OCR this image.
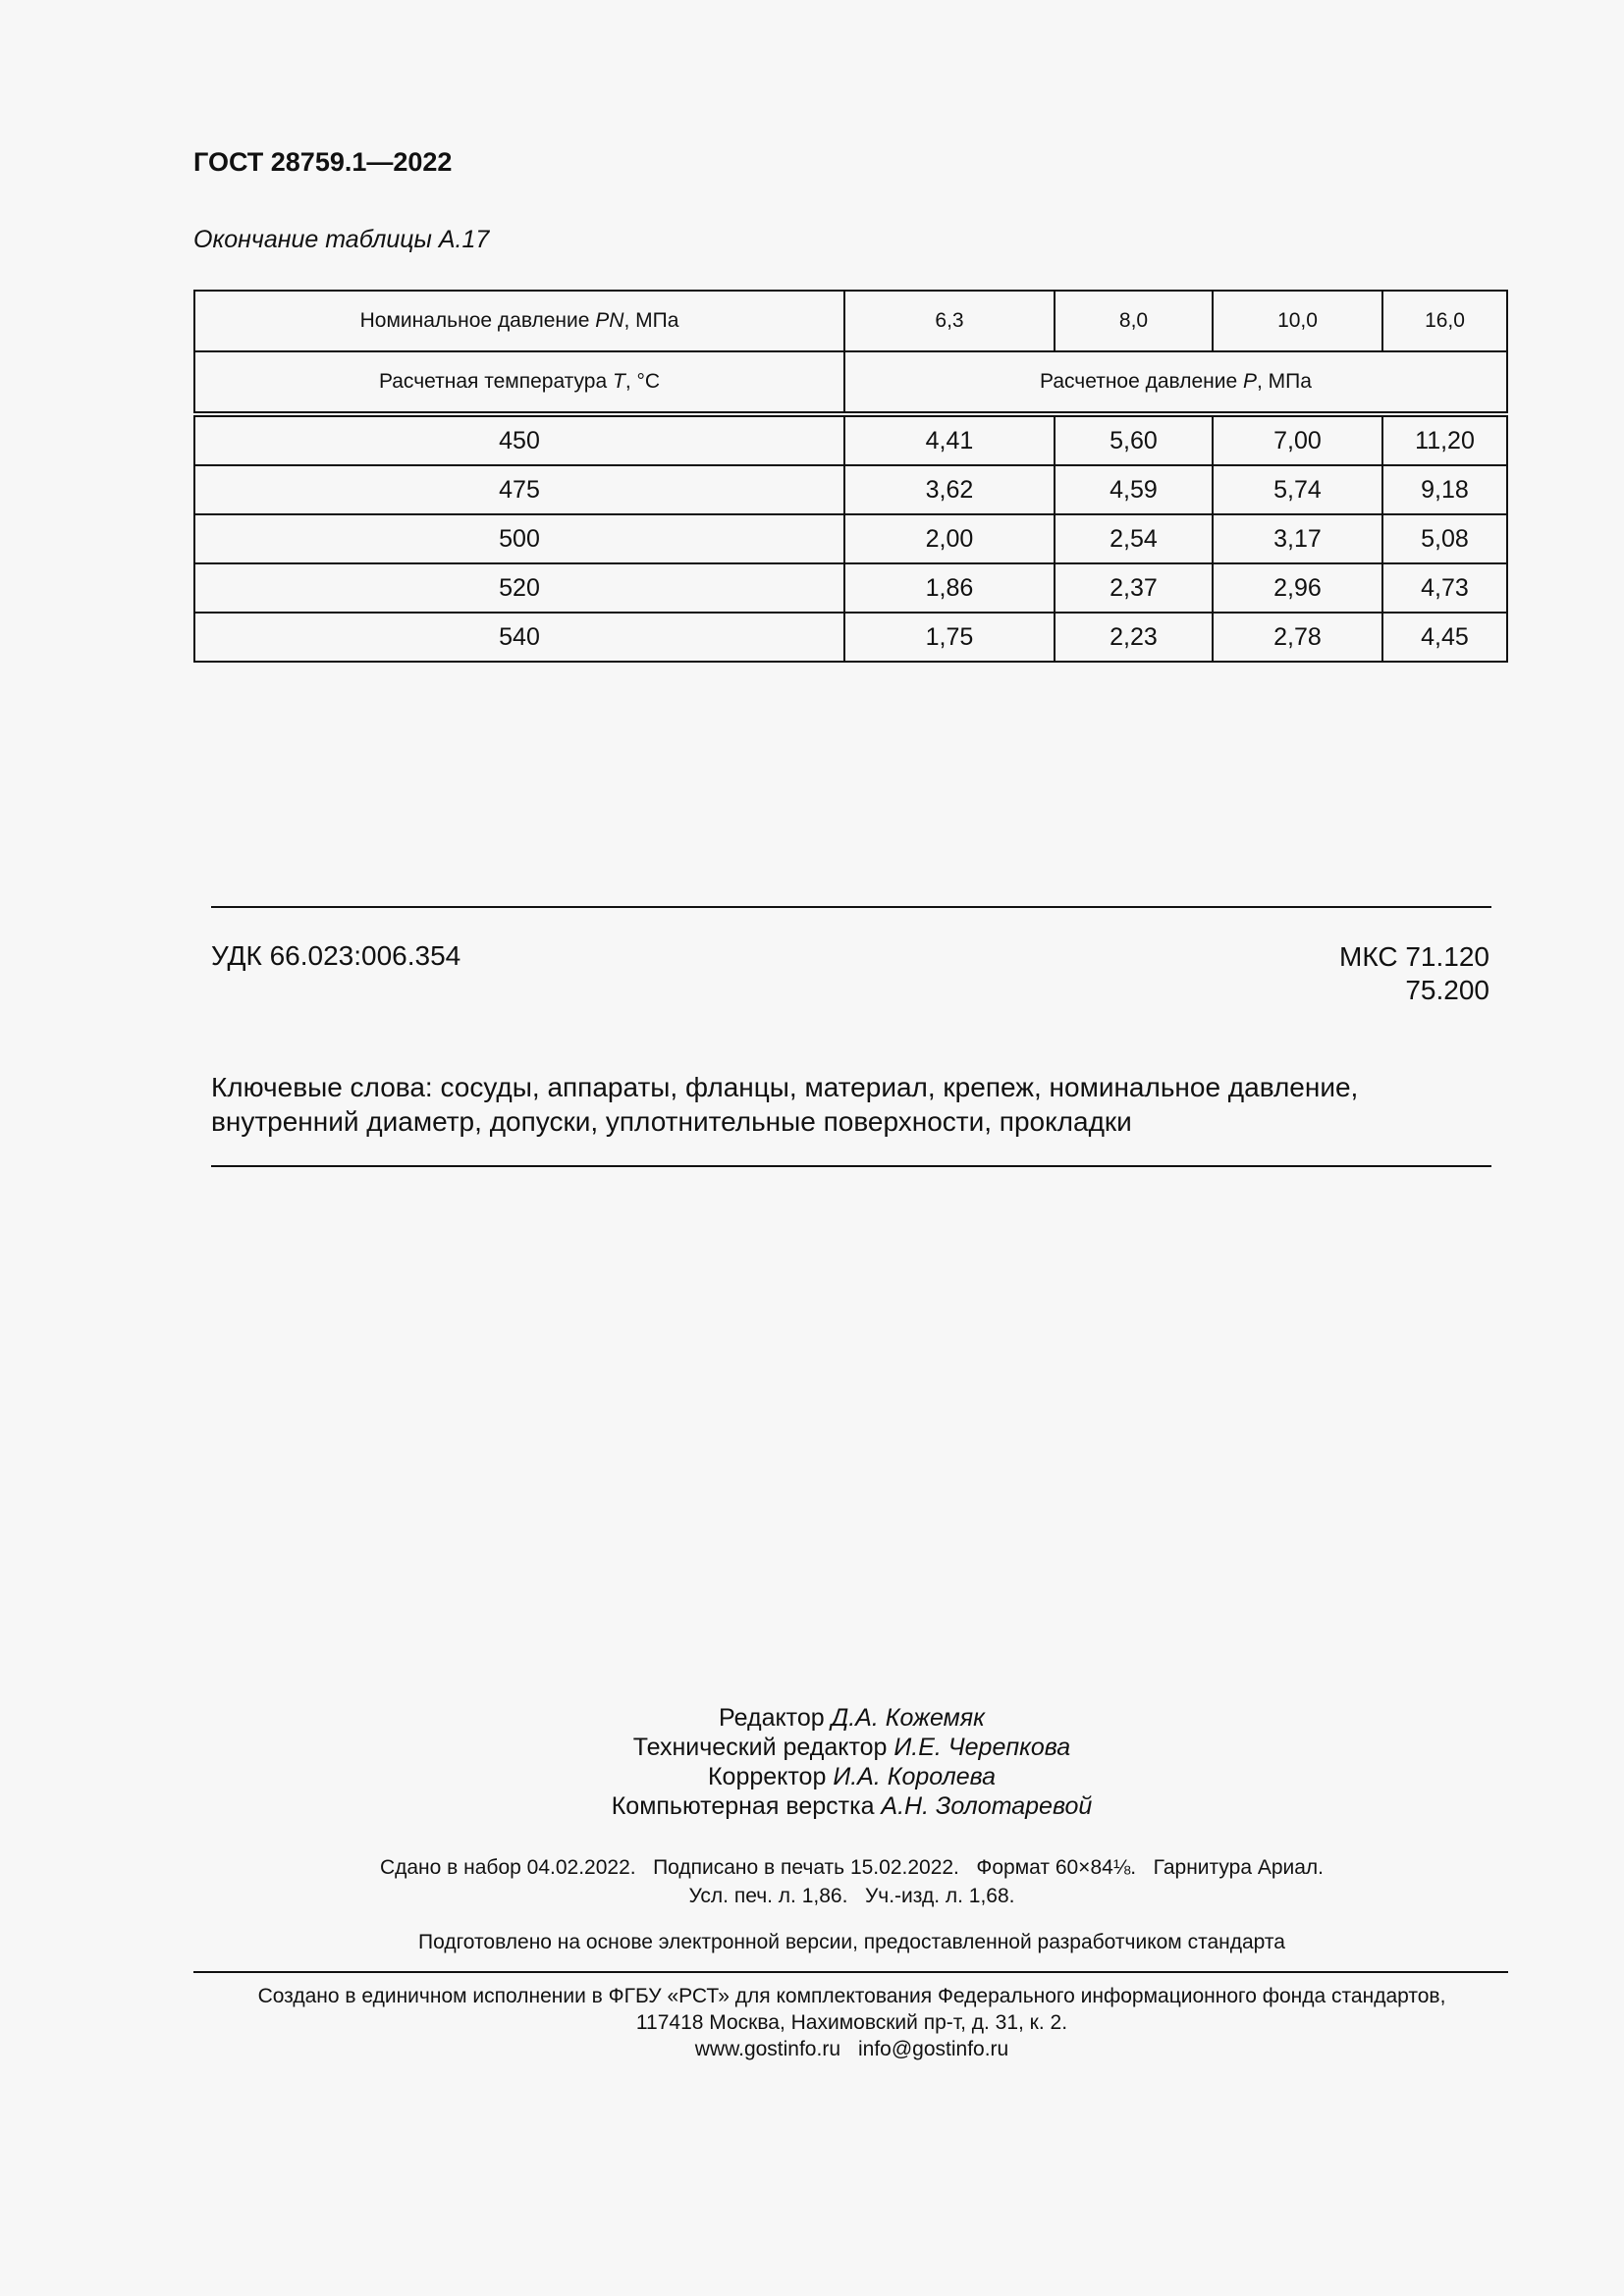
ГОСТ 28759.1—2022
Окончание таблицы А.17
Номинальное давление PN, МПа	6,3	8,0	10,0	16,0
Расчетная температура T, °С	Расчетное давление P, МПа			
450	4,41	5,60	7,00	11,20
475	3,62	4,59	5,74	9,18
500	2,00	2,54	3,17	5,08
520	1,86	2,37	2,96	4,73
540	1,75	2,23	2,78	4,45
УДК 66.023:006.354	МКС 71.120
75.200
Ключевые слова: сосуды, аппараты, фланцы, материал, крепеж, номинальное давление, внутренний диаметр, допуски, уплотнительные поверхности, прокладки
Редактор Д.А. Кожемяк
Технический редактор И.Е. Черепкова
Корректор И.А. Королева
Компьютерная верстка А.Н. Золотаревой
Сдано в набор 04.02.2022.   Подписано в печать 15.02.2022.   Формат 60×84⅛.   Гарнитура Ариал.
Усл. печ. л. 1,86.   Уч.-изд. л. 1,68.
Подготовлено на основе электронной версии, предоставленной разработчиком стандарта
Создано в единичном исполнении в ФГБУ «РСТ» для комплектования Федерального информационного фонда стандартов,
117418 Москва, Нахимовский пр-т, д. 31, к. 2.
www.gostinfo.ru info@gostinfo.ru
